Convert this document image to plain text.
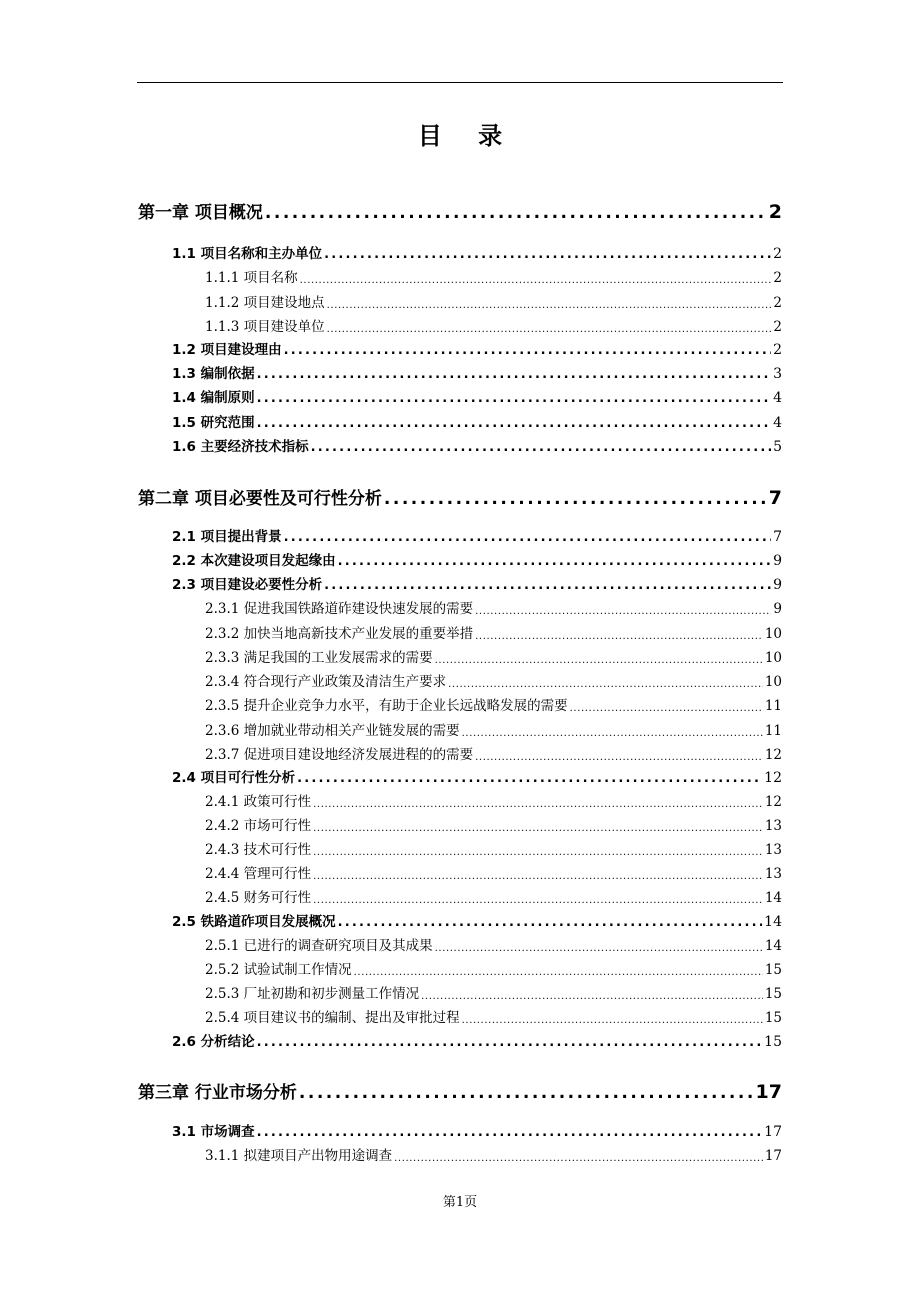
目 录
第一章 项目概况 .....	2
1.1 项目名称和主办单位 .....	2
1.1.1 项目名称 .....	2
1.1.2 项目建设地点 .....	2
1.1.3 项目建设单位 .....	2
1.2 项目建设理由 .....	2
1.3 编制依据 .....	3
1.4 编制原则 .....	4
1.5 研究范围 .....	4
1.6 主要经济技术指标 .....	5
第二章 项目必要性及可行性分析 .....	7
2.1 项目提出背景 .....	7
2.2 本次建设项目发起缘由 .....	9
2.3 项目建设必要性分析 .....	9
2.3.1 促进我国铁路道砟建设快速发展的需要 .....	9
2.3.2 加快当地高新技术产业发展的重要举措 .....	10
2.3.3 满足我国的工业发展需求的需要 .....	10
2.3.4 符合现行产业政策及清洁生产要求 .....	10
2.3.5 提升企业竞争力水平，有助于企业长远战略发展的需要 .....	11
2.3.6 增加就业带动相关产业链发展的需要 .....	11
2.3.7 促进项目建设地经济发展进程的的需要 .....	12
2.4 项目可行性分析 .....	12
2.4.1 政策可行性 .....	12
2.4.2 市场可行性 .....	13
2.4.3 技术可行性 .....	13
2.4.4 管理可行性 .....	13
2.4.5 财务可行性 .....	14
2.5 铁路道砟项目发展概况 .....	14
2.5.1 已进行的调查研究项目及其成果 .....	14
2.5.2 试验试制工作情况 .....	15
2.5.3 厂址初勘和初步测量工作情况 .....	15
2.5.4 项目建议书的编制、提出及审批过程 .....	15
2.6 分析结论 .....	15
第三章 行业市场分析 .....	17
3.1 市场调查 .....	17
3.1.1 拟建项目产出物用途调查 .....	17
第1页
